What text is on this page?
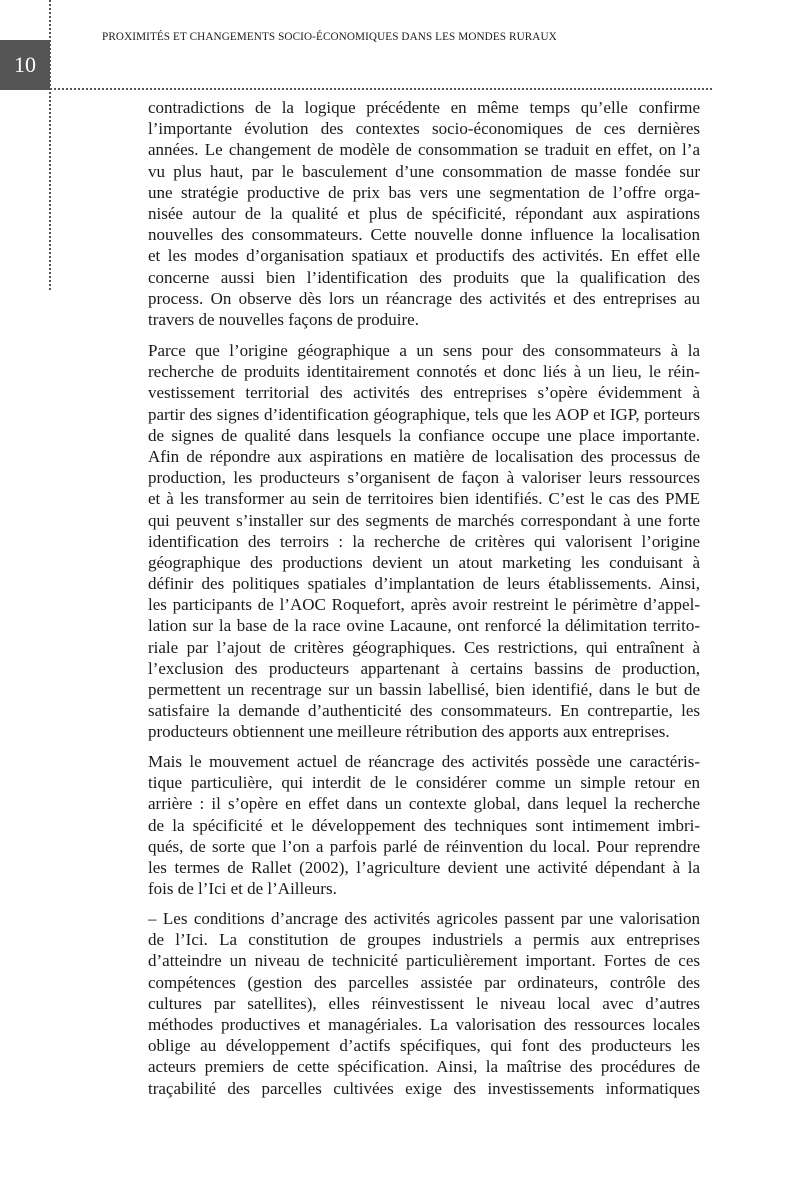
10
PROXIMITÉS ET CHANGEMENTS SOCIO-ÉCONOMIQUES DANS LES MONDES RURAUX
contradictions de la logique précédente en même temps qu’elle confirme
l’importante évolution des contextes socio-économiques de ces dernières
années. Le changement de modèle de consommation se traduit en effet, on l’a
vu plus haut, par le basculement d’une consommation de masse fondée sur
une stratégie productive de prix bas vers une segmentation de l’offre orga-
nisée autour de la qualité et plus de spécificité, répondant aux aspirations
nouvelles des consommateurs. Cette nouvelle donne influence la localisation
et les modes d’organisation spatiaux et productifs des activités. En effet elle
concerne aussi bien l’identification des produits que la qualification des
process. On observe dès lors un réancrage des activités et des entreprises au
travers de nouvelles façons de produire.
Parce que l’origine géographique a un sens pour des consommateurs à la
recherche de produits identitairement connotés et donc liés à un lieu, le réin-
vestissement territorial des activités des entreprises s’opère évidemment à
partir des signes d’identification géographique, tels que les AOP et IGP, porteurs
de signes de qualité dans lesquels la confiance occupe une place importante.
Afin de répondre aux aspirations en matière de localisation des processus de
production, les producteurs s’organisent de façon à valoriser leurs ressources
et à les transformer au sein de territoires bien identifiés. C’est le cas des PME
qui peuvent s’installer sur des segments de marchés correspondant à une forte
identification des terroirs : la recherche de critères qui valorisent l’origine
géographique des productions devient un atout marketing les conduisant à
définir des politiques spatiales d’implantation de leurs établissements. Ainsi,
les participants de l’AOC Roquefort, après avoir restreint le périmètre d’appel-
lation sur la base de la race ovine Lacaune, ont renforcé la délimitation territo-
riale par l’ajout de critères géographiques. Ces restrictions, qui entraînent à
l’exclusion des producteurs appartenant à certains bassins de production,
permettent un recentrage sur un bassin labellisé, bien identifié, dans le but de
satisfaire la demande d’authenticité des consommateurs. En contrepartie, les
producteurs obtiennent une meilleure rétribution des apports aux entreprises.
Mais le mouvement actuel de réancrage des activités possède une caractéris-
tique particulière, qui interdit de le considérer comme un simple retour en
arrière : il s’opère en effet dans un contexte global, dans lequel la recherche
de la spécificité et le développement des techniques sont intimement imbri-
qués, de sorte que l’on a parfois parlé de réinvention du local. Pour reprendre
les termes de Rallet (2002), l’agriculture devient une activité dépendant à la
fois de l’Ici et de l’Ailleurs.
– Les conditions d’ancrage des activités agricoles passent par une valorisation
de l’Ici. La constitution de groupes industriels a permis aux entreprises
d’atteindre un niveau de technicité particulièrement important. Fortes de ces
compétences (gestion des parcelles assistée par ordinateurs, contrôle des
cultures par satellites), elles réinvestissent le niveau local avec d’autres
méthodes productives et managériales. La valorisation des ressources locales
oblige au développement d’actifs spécifiques, qui font des producteurs les
acteurs premiers de cette spécification. Ainsi, la maîtrise des procédures de
traçabilité des parcelles cultivées exige des investissements informatiques
